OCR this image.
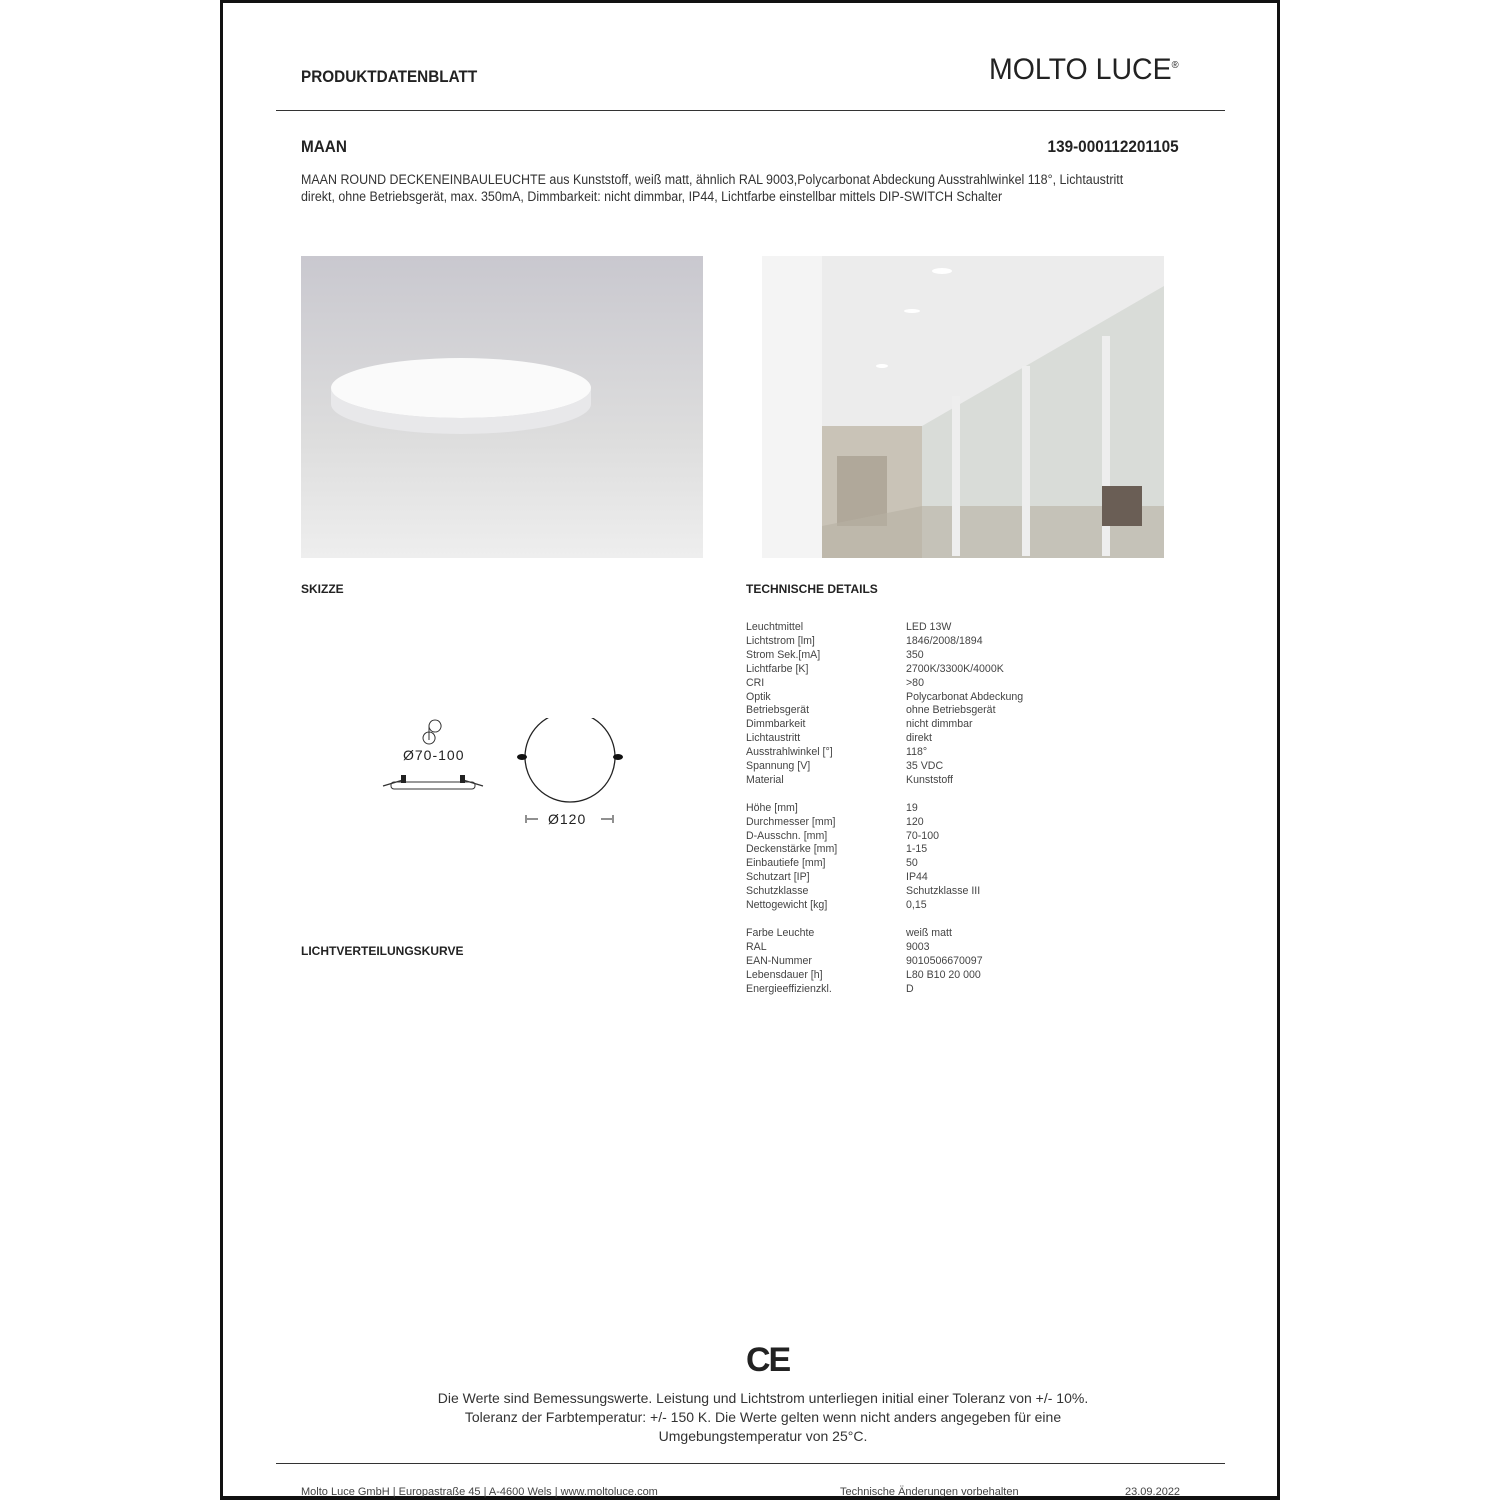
PRODUKTDATENBLATT	MOLTO LUCE®
MAAN	139-000112201105
MAAN ROUND DECKENEINBAULEUCHTE aus Kunststoff, weiß matt, ähnlich RAL 9003,Polycarbonat Abdeckung Ausstrahlwinkel 118°, Lichtaustritt
direkt, ohne Betriebsgerät, max. 350mA, Dimmbarkeit: nicht dimmbar, IP44, Lichtfarbe einstellbar mittels DIP-SWITCH Schalter
SKIZZE	TECHNISCHE DETAILS
Ø70-100
Ø120
LICHTVERTEILUNGSKURVE
Leuchtmittel	LED 13W
Lichtstrom [lm]	1846/2008/1894
Strom Sek.[mA]	350
Lichtfarbe [K]	2700K/3300K/4000K
CRI	>80
Optik	Polycarbonat Abdeckung
Betriebsgerät	ohne Betriebsgerät
Dimmbarkeit	nicht dimmbar
Lichtaustritt	direkt
Ausstrahlwinkel [°]	118°
Spannung [V]	35 VDC
Material	Kunststoff
Höhe [mm]	19
Durchmesser [mm]	120
D-Ausschn. [mm]	70-100
Deckenstärke [mm]	1-15
Einbautiefe [mm]	50
Schutzart [IP]	IP44
Schutzklasse	Schutzklasse III
Nettogewicht [kg]	0,15
Farbe Leuchte	weiß matt
RAL	9003
EAN-Nummer	9010506670097
Lebensdauer [h]	L80 B10 20 000
Energieeffizienzkl.	D
CE
Die Werte sind Bemessungswerte. Leistung und Lichtstrom unterliegen initial einer Toleranz von +/- 10%.
Toleranz der Farbtemperatur: +/- 150 K. Die Werte gelten wenn nicht anders angegeben für eine
Umgebungstemperatur von 25°C.
Molto Luce GmbH | Europastraße 45 | A-4600 Wels | www.moltoluce.com	Technische Änderungen vorbehalten	23.09.2022
